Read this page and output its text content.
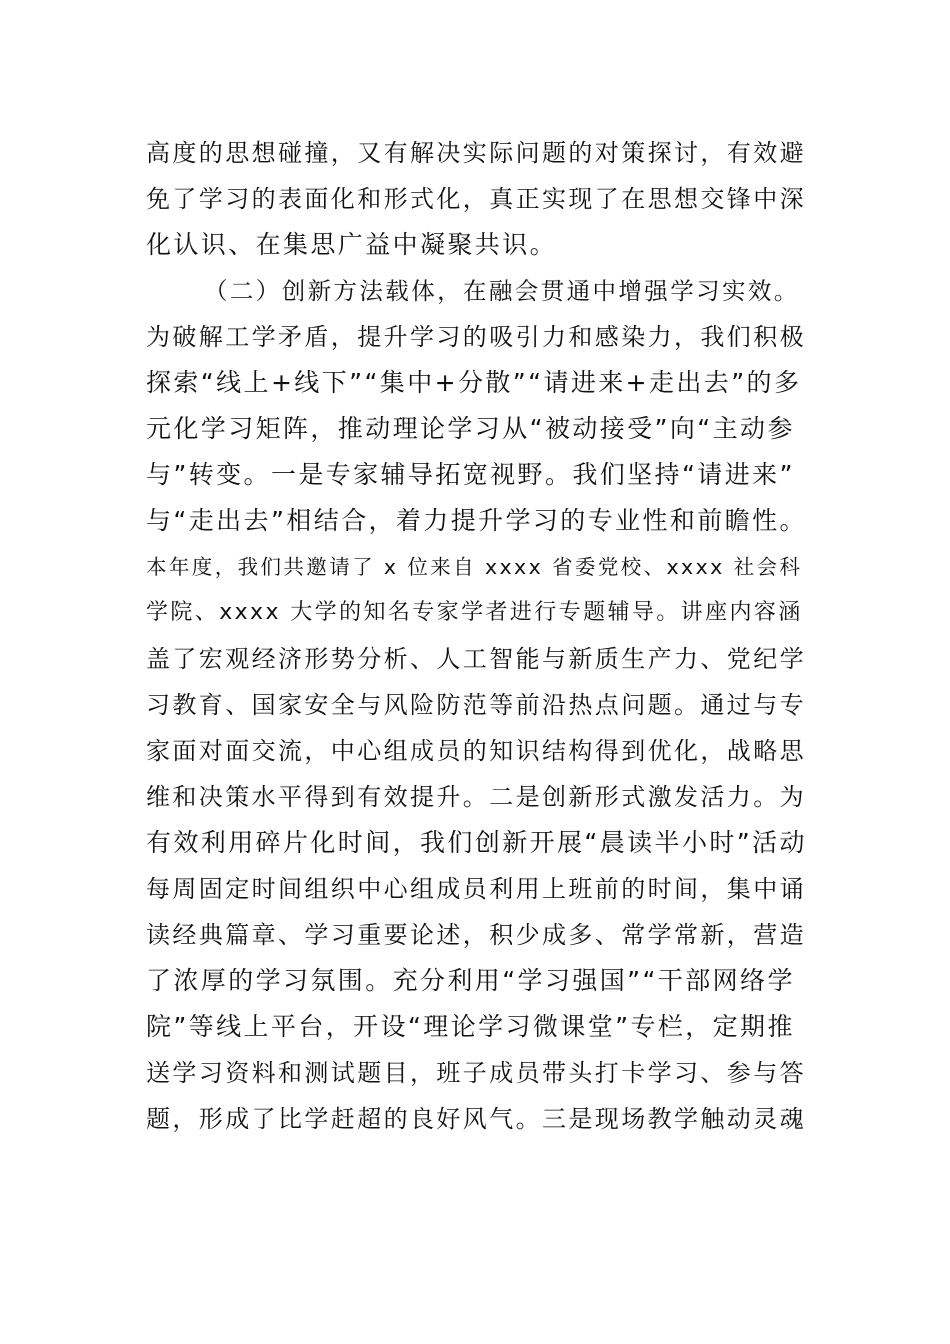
高度的思想碰撞，又有解决实际问题的对策探讨，有效避
免了学习的表面化和形式化，真正实现了在思想交锋中深
化认识、在集思广益中凝聚共识。
（二）创新方法载体，在融会贯通中增强学习实效。
为破解工学矛盾，提升学习的吸引力和感染力，我们积极
探索“线上+线下”“集中+分散”“请进来+走出去”的多
元化学习矩阵，推动理论学习从“被动接受”向“主动参
与”转变。一是专家辅导拓宽视野。我们坚持“请进来”
与“走出去”相结合，着力提升学习的专业性和前瞻性。
本年度，我们共邀请了 x 位来自 xxxx 省委党校、xxxx 社会科
学院、xxxx 大学的知名专家学者进行专题辅导。讲座内容涵
盖了宏观经济形势分析、人工智能与新质生产力、党纪学
习教育、国家安全与风险防范等前沿热点问题。通过与专
家面对面交流，中心组成员的知识结构得到优化，战略思
维和决策水平得到有效提升。二是创新形式激发活力。为
有效利用碎片化时间，我们创新开展“晨读半小时”活动
每周固定时间组织中心组成员利用上班前的时间，集中诵
读经典篇章、学习重要论述，积少成多、常学常新，营造
了浓厚的学习氛围。充分利用“学习强国”“干部网络学
院”等线上平台，开设“理论学习微课堂”专栏，定期推
送学习资料和测试题目，班子成员带头打卡学习、参与答
题，形成了比学赶超的良好风气。三是现场教学触动灵魂
